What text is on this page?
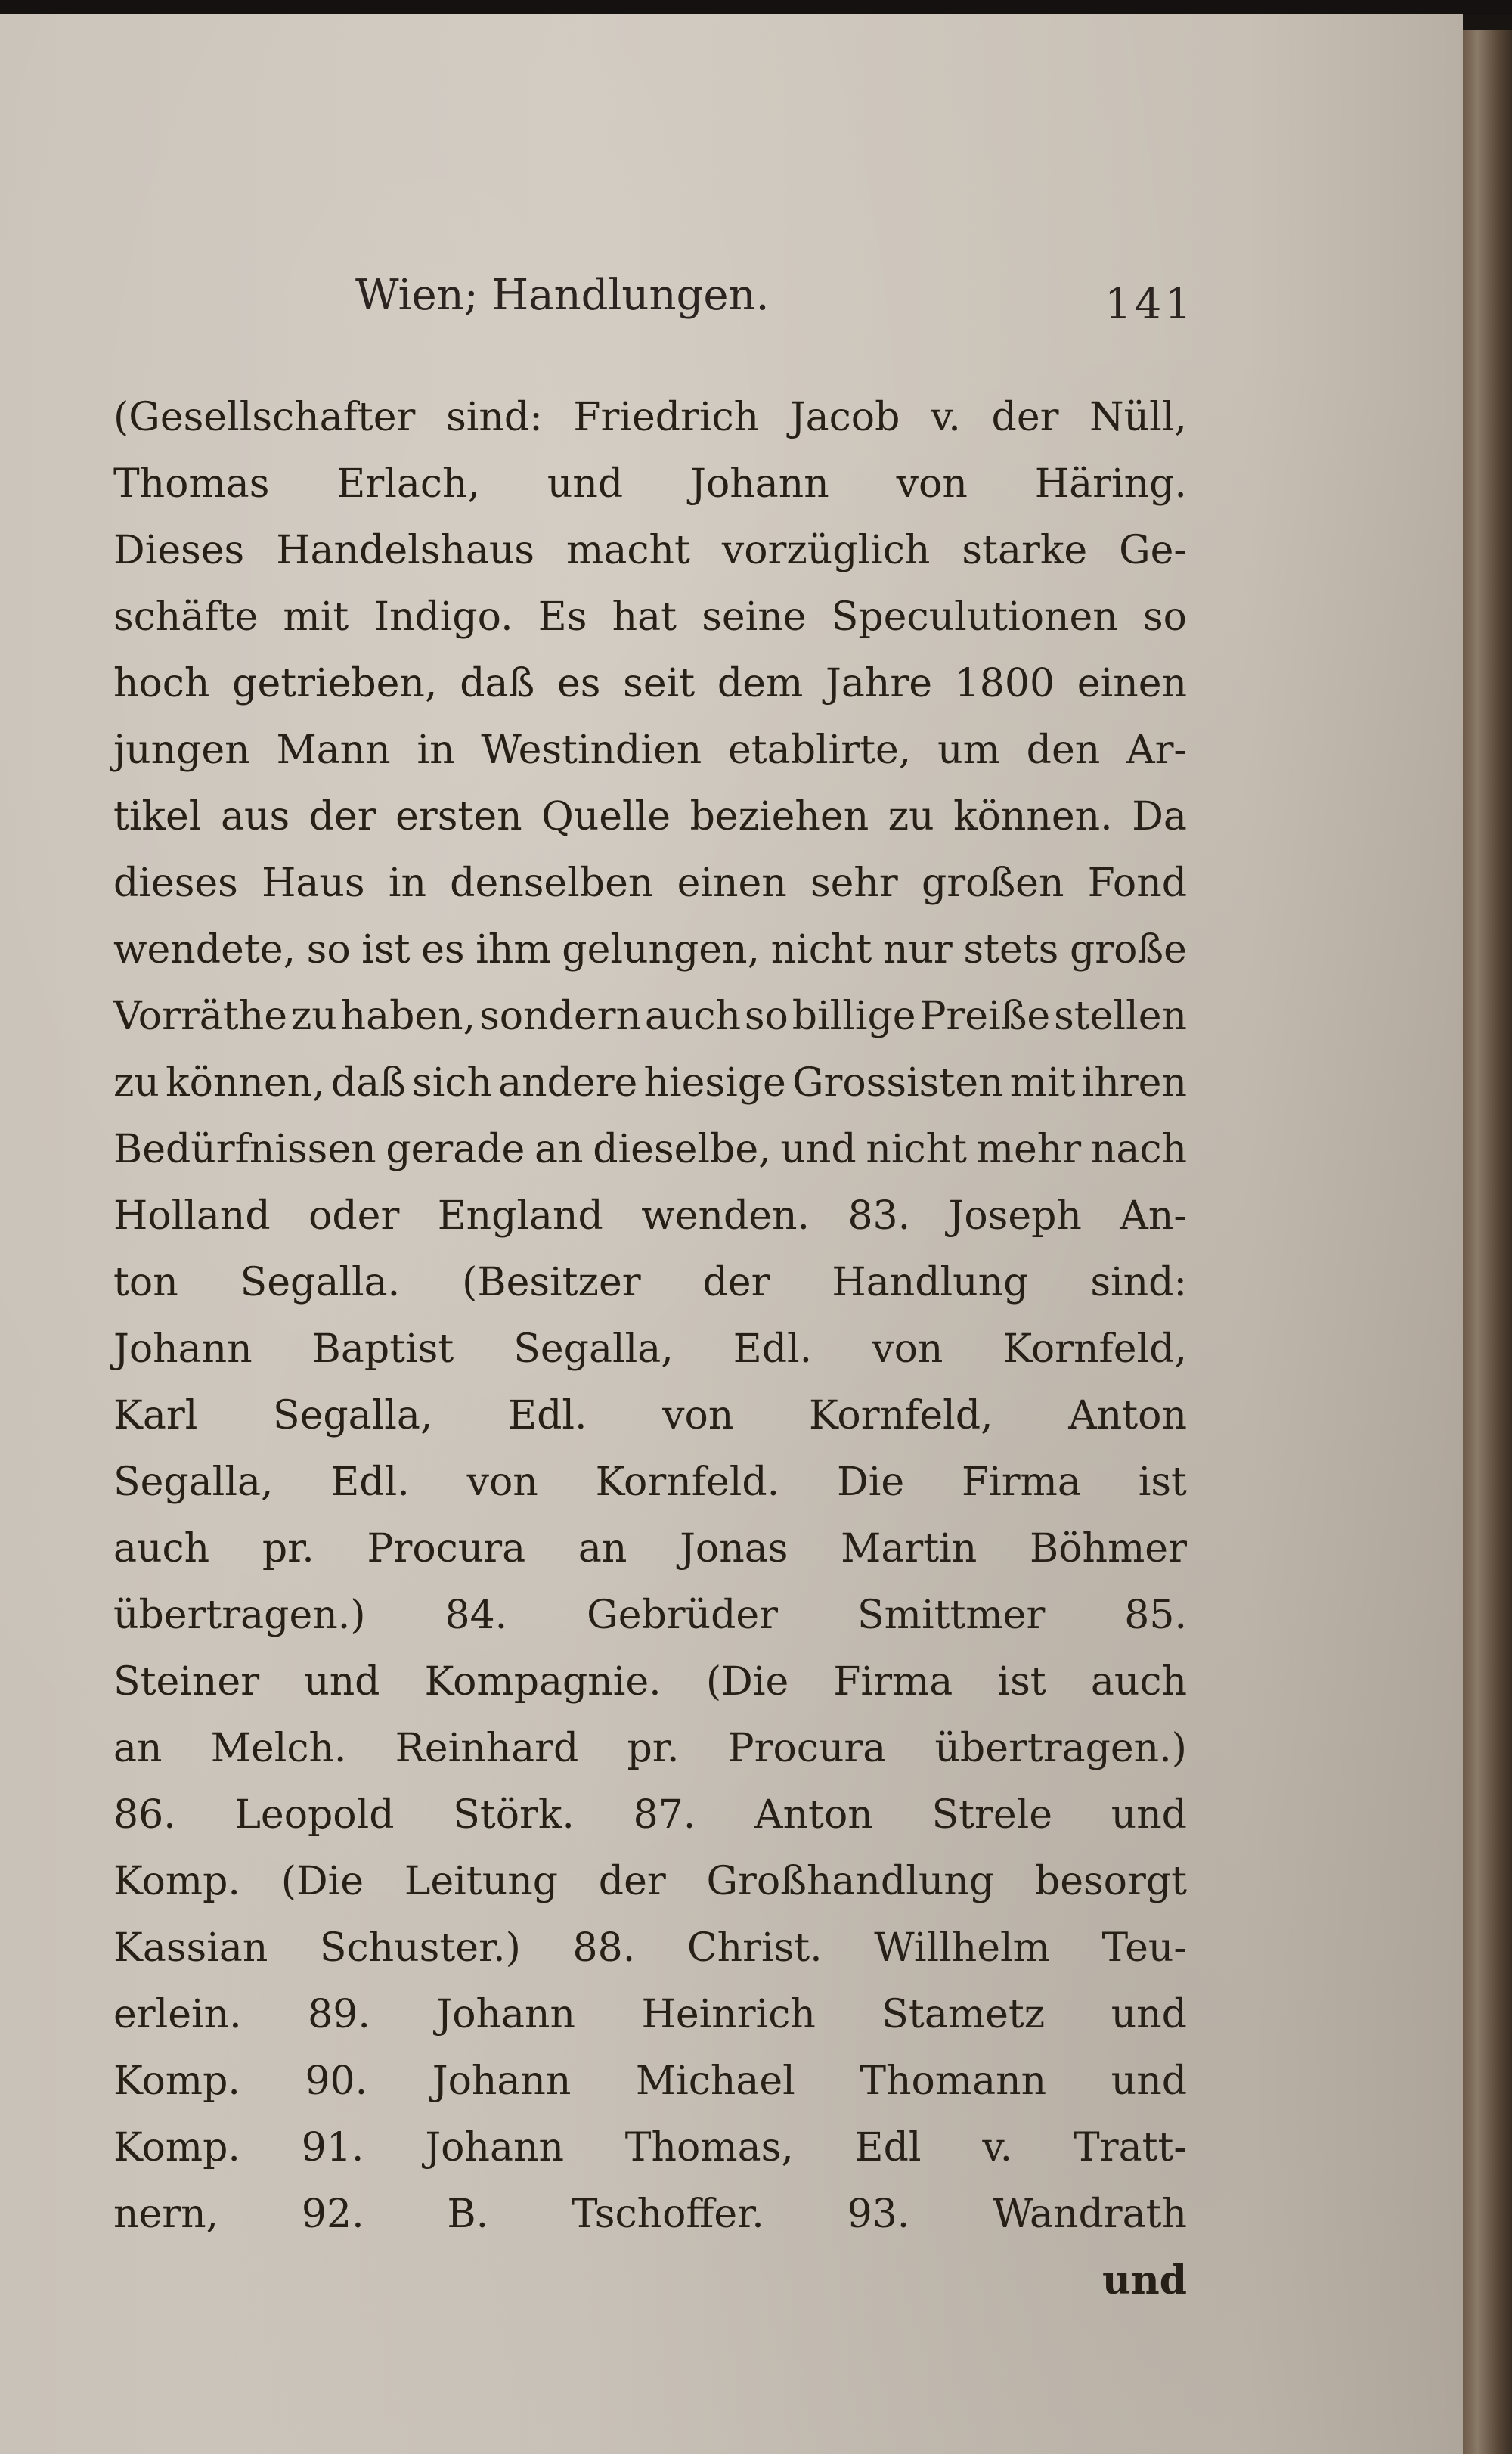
Wien; Handlungen.	141
(Gesellschafter sind: Friedrich Jacob v. der Nüll,
Thomas Erlach, und Johann von Häring.
Dieses Handelshaus macht vorzüglich starke Ge-
schäfte mit Indigo. Es hat seine Speculutionen so
hoch getrieben, daß es seit dem Jahre 1800 einen
jungen Mann in Westindien etablirte, um den Ar-
tikel aus der ersten Quelle beziehen zu können. Da
dieses Haus in denselben einen sehr großen Fond
wendete, so ist es ihm gelungen, nicht nur stets große
Vorräthe zu haben, sondern auch so billige Preiße stellen
zu können, daß sich andere hiesige Grossisten mit ihren
Bedürfnissen gerade an dieselbe, und nicht mehr nach
Holland oder England wenden. 83. Joseph An-
ton Segalla. (Besitzer der Handlung sind:
Johann Baptist Segalla, Edl. von Kornfeld,
Karl Segalla, Edl. von Kornfeld, Anton
Segalla, Edl. von Kornfeld. Die Firma ist
auch pr. Procura an Jonas Martin Böhmer
übertragen.) 84. Gebrüder Smittmer 85.
Steiner und Kompagnie. (Die Firma ist auch
an Melch. Reinhard pr. Procura übertragen.)
86. Leopold Störk. 87. Anton Strele und
Komp. (Die Leitung der Großhandlung besorgt
Kassian Schuster.) 88. Christ. Willhelm Teu-
erlein. 89. Johann Heinrich Stametz und
Komp. 90. Johann Michael Thomann und
Komp. 91. Johann Thomas, Edl v. Tratt-
nern, 92. B. Tschoffer. 93. Wandrath
und
